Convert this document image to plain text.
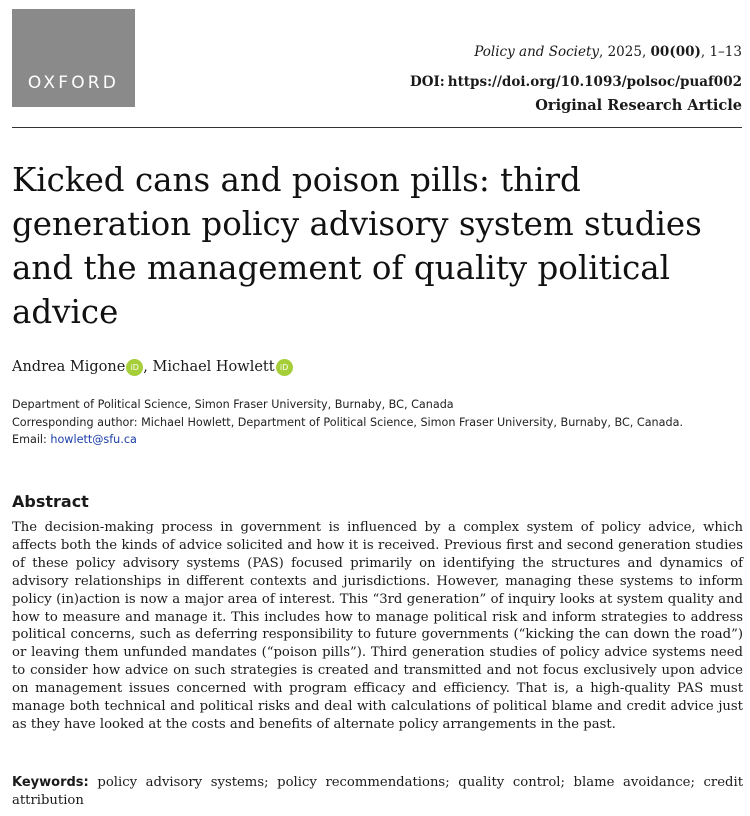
OXFORD
Policy and Society, 2025, 00(00), 1–13
DOI: https://doi.org/10.1093/polsoc/puaf002
Original Research Article
Kicked cans and poison pills: third generation policy advisory system studies and the management of quality political advice
Andrea Migone iD , Michael Howlett iD
Department of Political Science, Simon Fraser University, Burnaby, BC, Canada
Corresponding author: Michael Howlett, Department of Political Science, Simon Fraser University, Burnaby, BC, Canada.
Email: howlett@sfu.ca
Abstract

The decision-making process in government is influenced by a complex system of policy advice, which affects both the kinds of advice solicited and how it is received. Previous first and second generation studies of these policy advisory systems (PAS) focused primarily on identifying the structures and dynamics of advisory relationships in different contexts and jurisdictions. However, managing these systems to inform policy (in)action is now a major area of interest. This “3rd generation” of inquiry looks at system quality and how to measure and manage it. This includes how to manage political risk and inform strategies to address political concerns, such as deferring responsibility to future governments (“kicking the can down the road”) or leaving them unfunded mandates (“poison pills”). Third generation studies of policy advice systems need to consider how advice on such strategies is created and transmitted and not focus exclusively upon advice on management issues concerned with program efficacy and efficiency. That is, a high-quality PAS must manage both technical and political risks and deal with calculations of political blame and credit advice just as they have looked at the costs and benefits of alternate policy arrangements in the past.

Keywords: policy advisory systems; policy recommendations; quality control; blame avoidance; credit attribution
